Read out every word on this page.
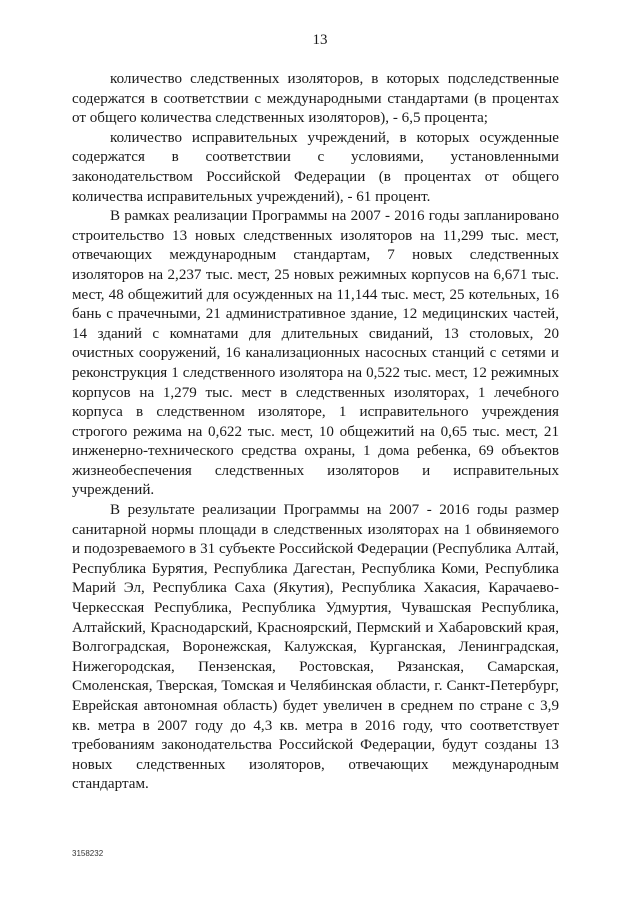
13

количество следственных изоляторов, в которых подследственные содержатся в соответствии с международными стандартами (в процентах от общего количества следственных изоляторов), - 6,5 процента;

количество исправительных учреждений, в которых осужденные содержатся в соответствии с условиями, установленными законодательством Российской Федерации (в процентах от общего количества исправительных учреждений), - 61 процент.

В рамках реализации Программы на 2007 - 2016 годы запланировано строительство 13 новых следственных изоляторов на 11,299 тыс. мест, отвечающих международным стандартам, 7 новых следственных изоляторов на 2,237 тыс. мест, 25 новых режимных корпусов на 6,671 тыс. мест, 48 общежитий для осужденных на 11,144 тыс. мест, 25 котельных, 16 бань с прачечными, 21 административное здание, 12 медицинских частей, 14 зданий с комнатами для длительных свиданий, 13 столовых, 20 очистных сооружений, 16 канализационных насосных станций с сетями и реконструкция 1 следственного изолятора на 0,522 тыс. мест, 12 режимных корпусов на 1,279 тыс. мест в следственных изоляторах, 1 лечебного корпуса в следственном изоляторе, 1 исправительного учреждения строгого режима на 0,622 тыс. мест, 10 общежитий на 0,65 тыс. мест, 21 инженерно-технического средства охраны, 1 дома ребенка, 69 объектов жизнеобеспечения следственных изоляторов и исправительных учреждений.

В результате реализации Программы на 2007 - 2016 годы размер санитарной нормы площади в следственных изоляторах на 1 обвиняемого и подозреваемого в 31 субъекте Российской Федерации (Республика Алтай, Республика Бурятия, Республика Дагестан, Республика Коми, Республика Марий Эл, Республика Саха (Якутия), Республика Хакасия, Карачаево-Черкесская Республика, Республика Удмуртия, Чувашская Республика, Алтайский, Краснодарский, Красноярский, Пермский и Хабаровский края, Волгоградская, Воронежская, Калужская, Курганская, Ленинградская, Нижегородская, Пензенская, Ростовская, Рязанская, Самарская, Смоленская, Тверская, Томская и Челябинская области, г. Санкт-Петербург, Еврейская автономная область) будет увеличен в среднем по стране с 3,9 кв. метра в 2007 году до 4,3 кв. метра в 2016 году, что соответствует требованиям законодательства Российской Федерации, будут созданы 13 новых следственных изоляторов, отвечающих международным стандартам.

3158232
